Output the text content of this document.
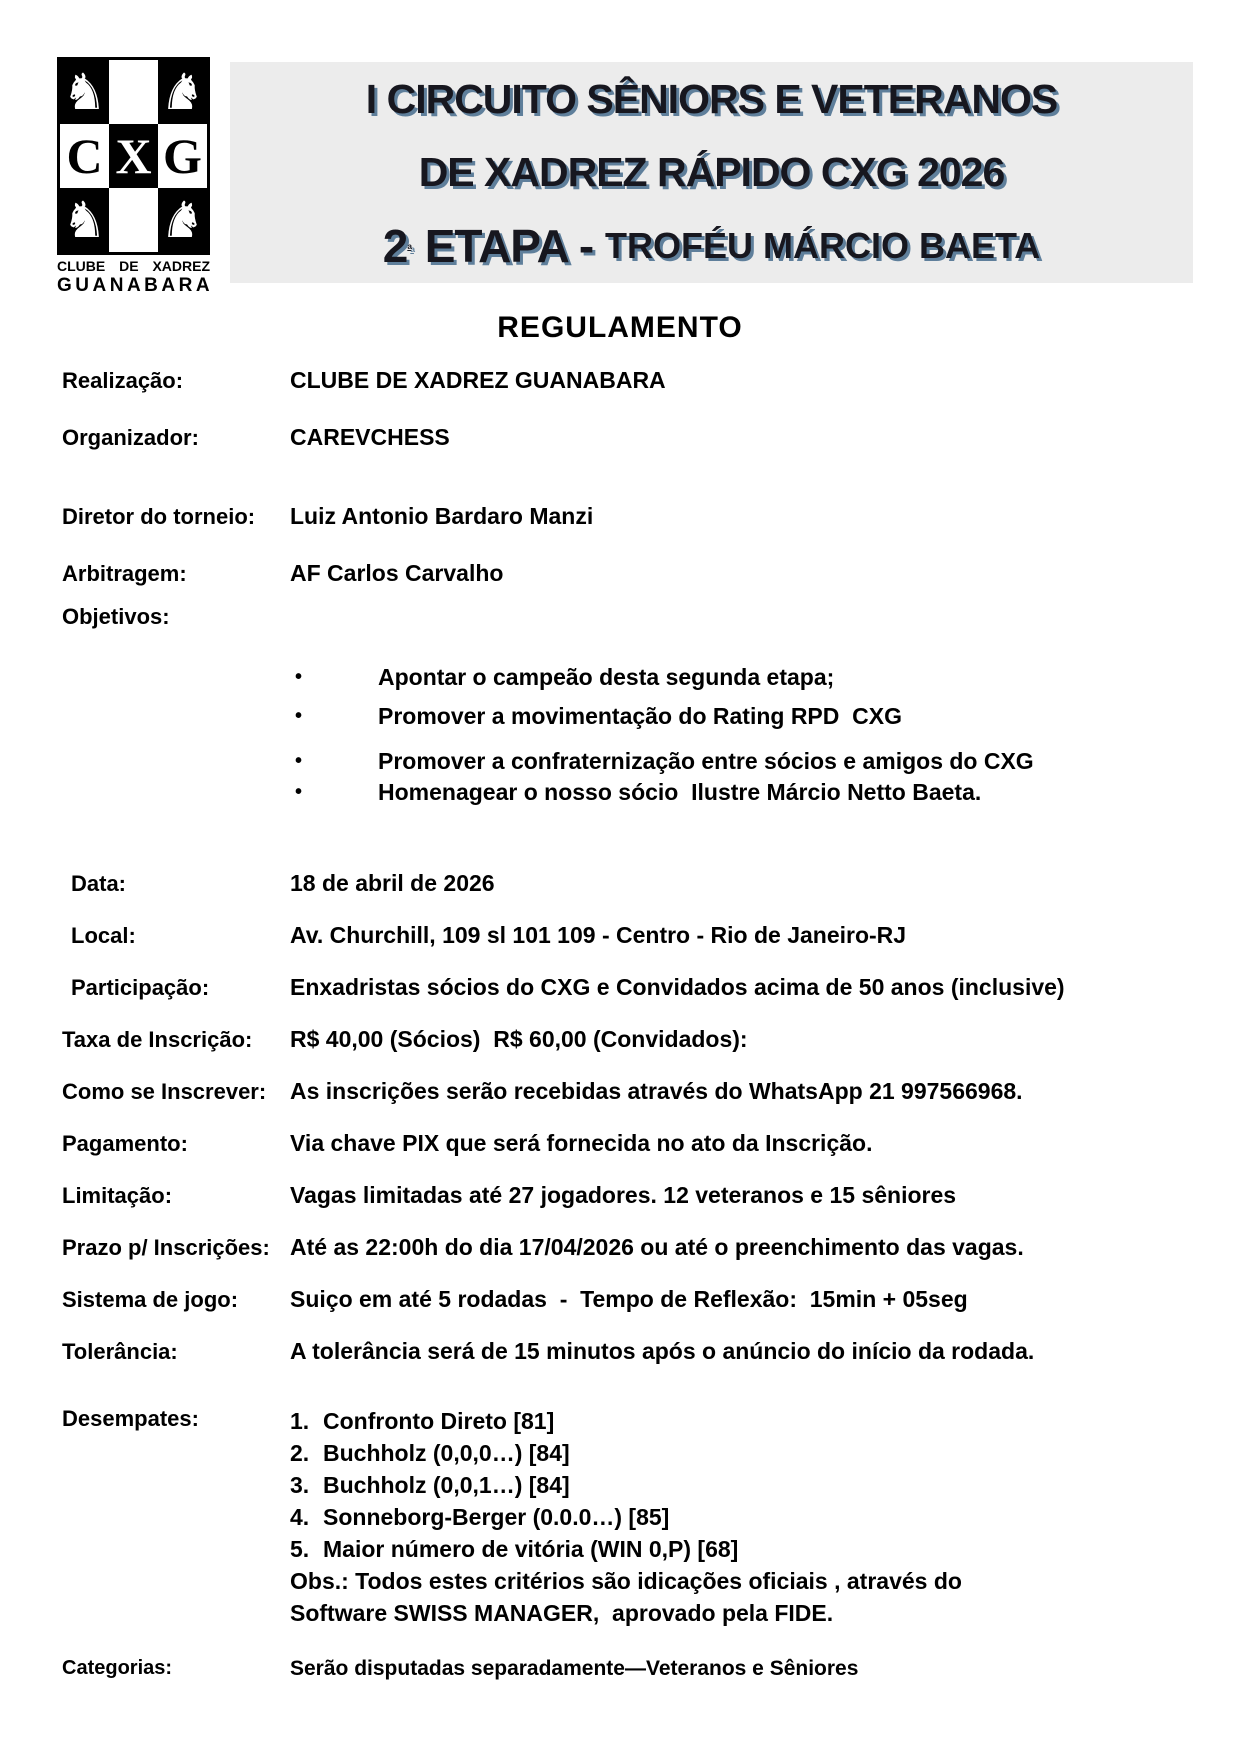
♞ ♞
C X G
♞ ♞
CLUBE DE XADREZ
GUANABARA
I CIRCUITO SÊNIORS E VETERANOS
DE XADREZ RÁPIDO CXG 2026
2 a ETAPA - TROFÉU MÁRCIO BAETA
REGULAMENTO
Realização:	CLUBE DE XADREZ GUANABARA
Organizador:	CAREVCHESS
Diretor do torneio:	Luiz Antonio Bardaro Manzi
Arbitragem:	AF Carlos Carvalho
Objetivos:
•	Apontar o campeão desta segunda etapa;
•	Promover a movimentação do Rating RPD  CXG
•	Promover a confraternização entre sócios e amigos do CXG
•	Homenagear o nosso sócio  Ilustre Márcio Netto Baeta.
Data:	18 de abril de 2026
Local:	Av. Churchill, 109 sl 101 109 - Centro - Rio de Janeiro-RJ
Participação:	Enxadristas sócios do CXG e Convidados acima de 50 anos (inclusive)
Taxa de Inscrição:	R$ 40,00 (Sócios)  R$ 60,00 (Convidados):
Como se Inscrever:	As inscrições serão recebidas através do WhatsApp 21 997566968.
Pagamento:	Via chave PIX que será fornecida no ato da Inscrição.
Limitação:	Vagas limitadas até 27 jogadores. 12 veteranos e 15 sêniores
Prazo p/ Inscrições: Até as 22:00h do dia 17/04/2026 ou até o preenchimento das vagas.
Sistema de jogo:	Suiço em até 5 rodadas  -  Tempo de Reflexão:  15min + 05seg
Tolerância:	A tolerância será de 15 minutos após o anúncio do início da rodada.
Desempates:	1. Confronto Direto [81]
2. Buchholz (0,0,0…) [84]
3. Buchholz (0,0,1…) [84]
4. Sonneborg-Berger (0.0.0…) [85]
5. Maior número de vitória (WIN 0,P) [68]
Obs.: Todos estes critérios são idicações oficiais , através do
Software SWISS MANAGER,  aprovado pela FIDE.
Categorias:	Serão disputadas separadamente—Veteranos e Sêniores
